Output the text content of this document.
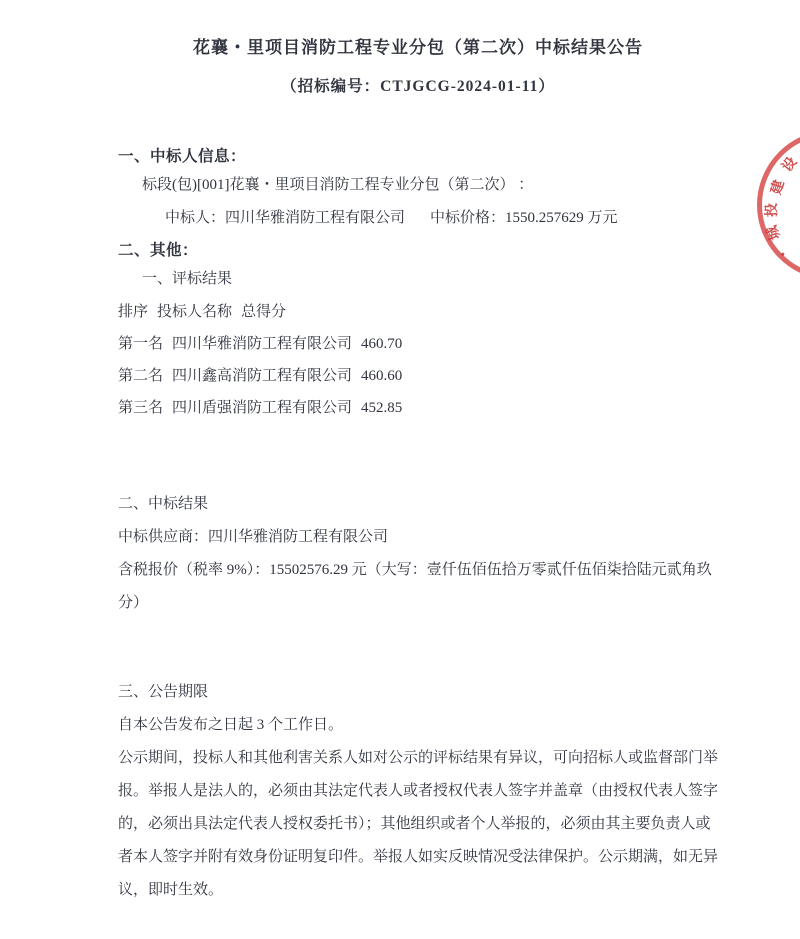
设
建
投
城
・
花襄・里项目消防工程专业分包（第二次）中标结果公告
（招标编号：CTJGCG-2024-01-11）
一、中标人信息：
标段(包)[001]花襄・里项目消防工程专业分包（第二次） ：
中标人：四川华雅消防工程有限公司 中标价格：1550.257629 万元
二、其他：
一、评标结果
排序 投标人名称 总得分
第一名 四川华雅消防工程有限公司 460.70
第二名 四川鑫高消防工程有限公司 460.60
第三名 四川盾强消防工程有限公司 452.85
二、中标结果
中标供应商：四川华雅消防工程有限公司
含税报价（税率 9%）：15502576.29 元（大写：壹仟伍佰伍拾万零贰仟伍佰柒拾陆元贰角玖分）
三、公告期限
自本公告发布之日起 3 个工作日。
公示期间，投标人和其他利害关系人如对公示的评标结果有异议，可向招标人或监督部门举报。举报人是法人的，必须由其法定代表人或者授权代表人签字并盖章（由授权代表人签字的，必须出具法定代表人授权委托书）；其他组织或者个人举报的，必须由其主要负责人或者本人签字并附有效身份证明复印件。举报人如实反映情况受法律保护。公示期满，如无异议，即时生效。
